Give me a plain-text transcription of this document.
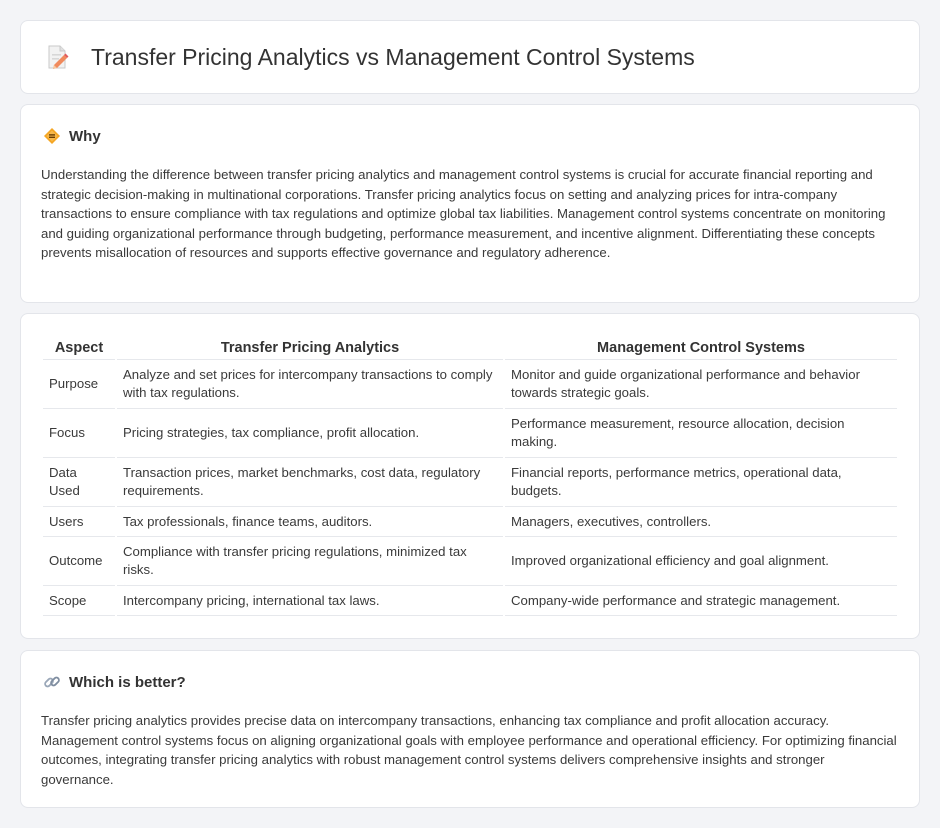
Transfer Pricing Analytics vs Management Control Systems
Why

Understanding the difference between transfer pricing analytics and management control systems is crucial for accurate financial reporting and strategic decision-making in multinational corporations. Transfer pricing analytics focus on setting and analyzing prices for intra-company transactions to ensure compliance with tax regulations and optimize global tax liabilities. Management control systems concentrate on monitoring and guiding organizational performance through budgeting, performance measurement, and incentive alignment. Differentiating these concepts prevents misallocation of resources and supports effective governance and regulatory adherence.

Aspect	Transfer Pricing Analytics	Management Control Systems
Purpose	Analyze and set prices for intercompany transactions to comply with tax regulations.	Monitor and guide organizational performance and behavior towards strategic goals.
Focus	Pricing strategies, tax compliance, profit allocation.	Performance measurement, resource allocation, decision making.
Data Used	Transaction prices, market benchmarks, cost data, regulatory requirements.	Financial reports, performance metrics, operational data, budgets.
Users	Tax professionals, finance teams, auditors.	Managers, executives, controllers.
Outcome	Compliance with transfer pricing regulations, minimized tax risks.	Improved organizational efficiency and goal alignment.
Scope	Intercompany pricing, international tax laws.	Company-wide performance and strategic management.
Which is better?

Transfer pricing analytics provides precise data on intercompany transactions, enhancing tax compliance and profit allocation accuracy. Management control systems focus on aligning organizational goals with employee performance and operational efficiency. For optimizing financial outcomes, integrating transfer pricing analytics with robust management control systems delivers comprehensive insights and stronger governance.
